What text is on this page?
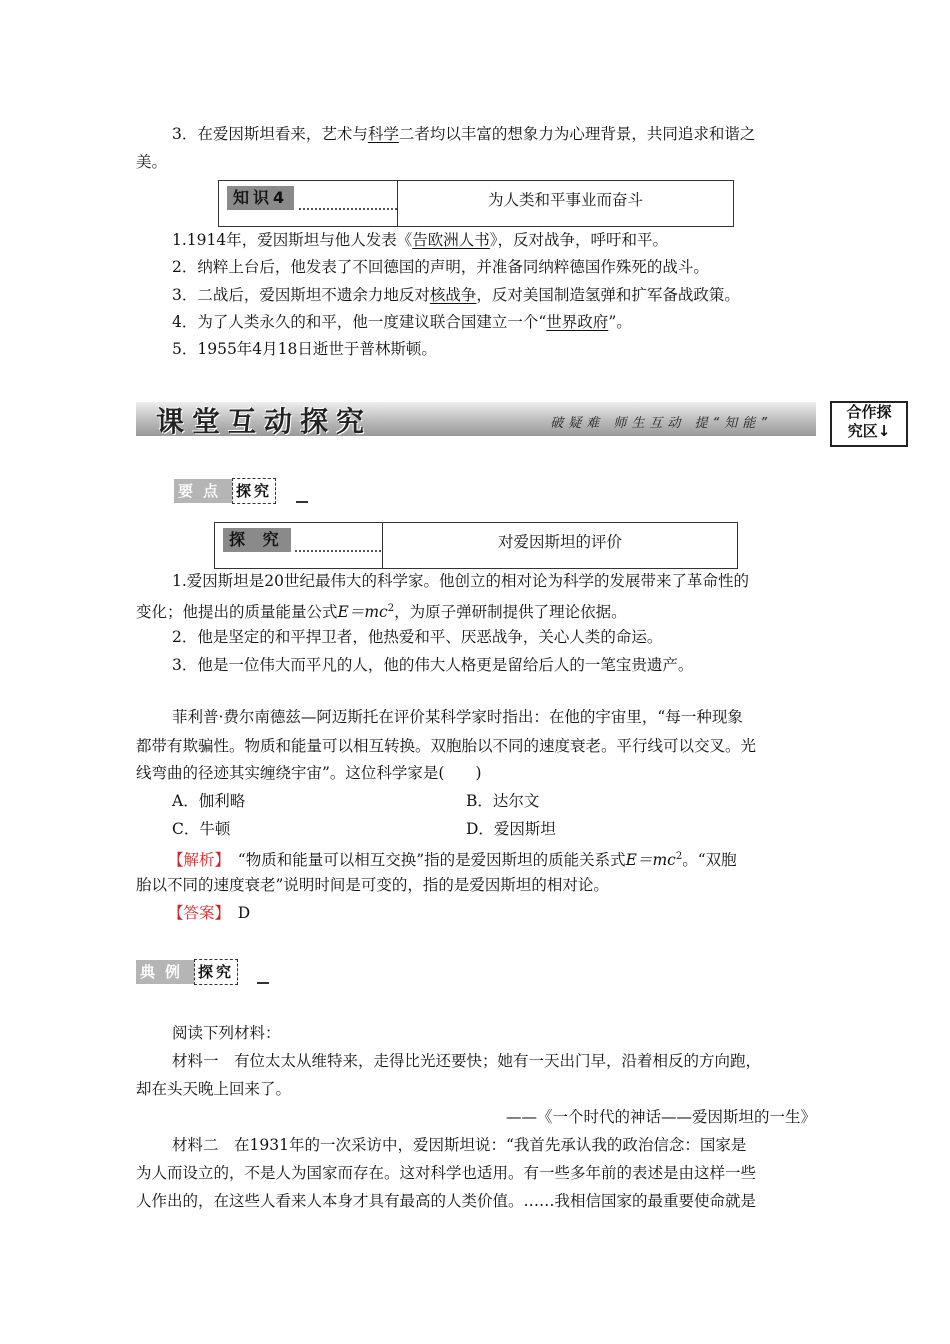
3．在爱因斯坦看来，艺术与科学二者均以丰富的想象力为心理背景，共同追求和谐之
美。
知识4	为人类和平事业而奋斗
1.1914年，爱因斯坦与他人发表《告欧洲人书》，反对战争，呼吁和平。
2．纳粹上台后，他发表了不回德国的声明，并准备同纳粹德国作殊死的战斗。
3．二战后，爱因斯坦不遗余力地反对核战争，反对美国制造氢弹和扩军备战政策。
4．为了人类永久的和平，他一度建议联合国建立一个“世界政府”。
5．1955年4月18日逝世于普林斯顿。
课堂互动探究	破疑难 师生互动 提“知能”
合作探
究区↓
要点 探究
探 究	对爱因斯坦的评价
1.爱因斯坦是20世纪最伟大的科学家。他创立的相对论为科学的发展带来了革命性的
变化；他提出的质量能量公式$E=mc^2$，为原子弹研制提供了理论依据。
2．他是坚定的和平捍卫者，他热爱和平、厌恶战争，关心人类的命运。
3．他是一位伟大而平凡的人，他的伟大人格更是留给后人的一笔宝贵遗产。
菲利普·费尔南德兹—阿迈斯托在评价某科学家时指出：在他的宇宙里，“每一种现象
都带有欺骗性。物质和能量可以相互转换。双胞胎以不同的速度衰老。平行线可以交叉。光
线弯曲的径迹其实缠绕宇宙”。这位科学家是(　　)
A．伽利略	B．达尔文
C．牛顿	D．爱因斯坦
【解析】　“物质和能量可以相互交换”指的是爱因斯坦的质能关系式$E=mc^2$。“双胞
胎以不同的速度衰老”说明时间是可变的，指的是爱因斯坦的相对论。
【答案】　D
典例 探究
阅读下列材料：
材料一　有位太太从维特来，走得比光还要快；她有一天出门早，沿着相反的方向跑，
却在头天晚上回来了。
——《一个时代的神话——爱因斯坦的一生》
材料二　在1931年的一次采访中，爱因斯坦说：“我首先承认我的政治信念：国家是
为人而设立的，不是人为国家而存在。这对科学也适用。有一些多年前的表述是由这样一些
人作出的，在这些人看来人本身才具有最高的人类价值。……我相信国家的最重要使命就是
